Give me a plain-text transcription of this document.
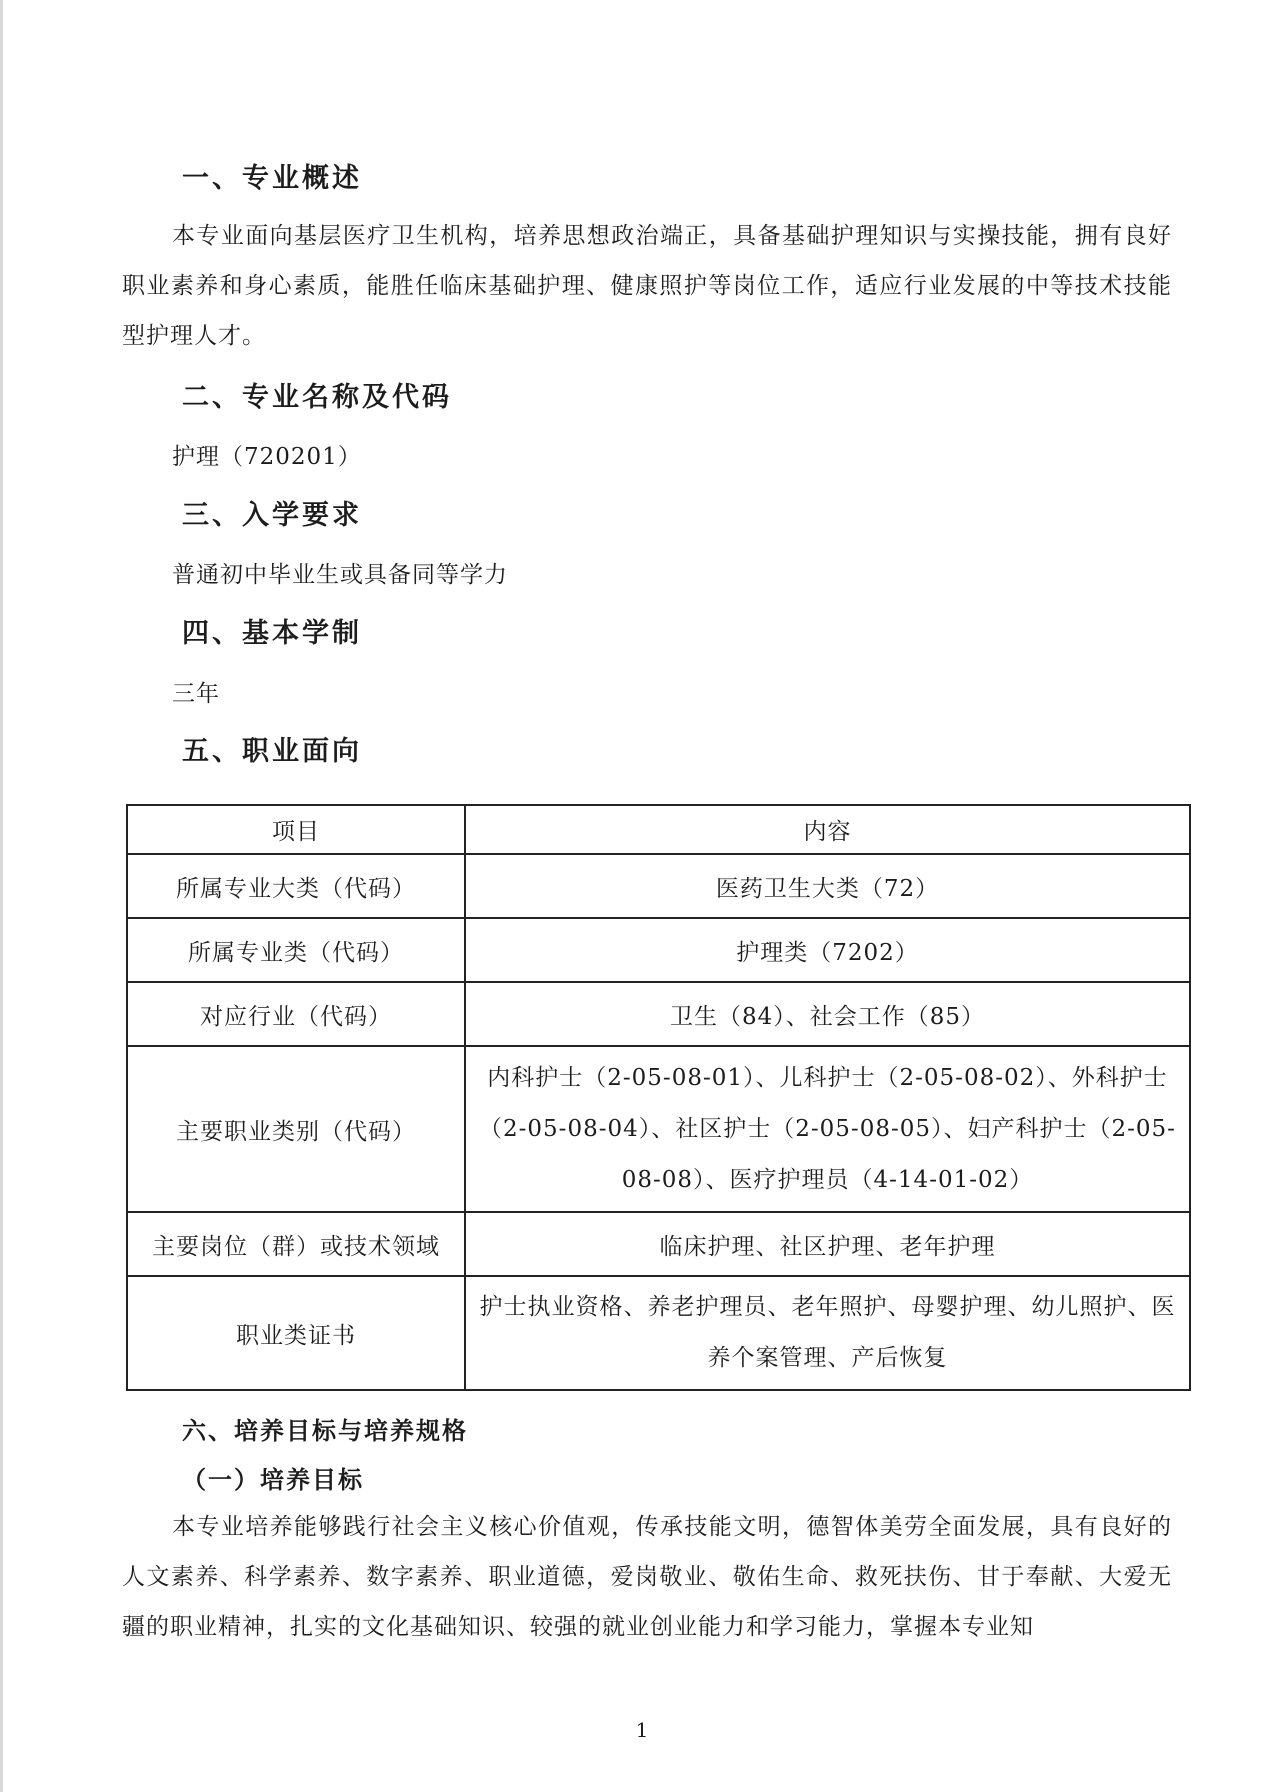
一、专业概述

本专业面向基层医疗卫生机构，培养思想政治端正，具备基础护理知识与实操技能，拥有良好职业素养和身心素质，能胜任临床基础护理、健康照护等岗位工作，适应行业发展的中等技术技能型护理人才。

二、专业名称及代码
护理（720201）
三、入学要求
普通初中毕业生或具备同等学力
四、基本学制
三年
五、职业面向
项目	内容
所属专业大类（代码）	医药卫生大类（72）
所属专业类（代码）	护理类（7202）
对应行业（代码）	卫生（84）、社会工作（85）
主要职业类别（代码）	内科护士（2-05-08-01）、儿科护士（2-05-08-02）、外科护士（2-05-08-04）、社区护士（2-05-08-05）、妇产科护士（2-05-08-08）、医疗护理员（4-14-01-02）
主要岗位（群）或技术领域	临床护理、社区护理、老年护理
职业类证书	护士执业资格、养老护理员、老年照护、母婴护理、幼儿照护、医养个案管理、产后恢复
六、培养目标与培养规格
（一）培养目标

本专业培养能够践行社会主义核心价值观，传承技能文明，德智体美劳全面发展，具有良好的人文素养、科学素养、数字素养、职业道德，爱岗敬业、敬佑生命、救死扶伤、甘于奉献、大爱无疆的职业精神，扎实的文化基础知识、较强的就业创业能力和学习能力，掌握本专业知

1
